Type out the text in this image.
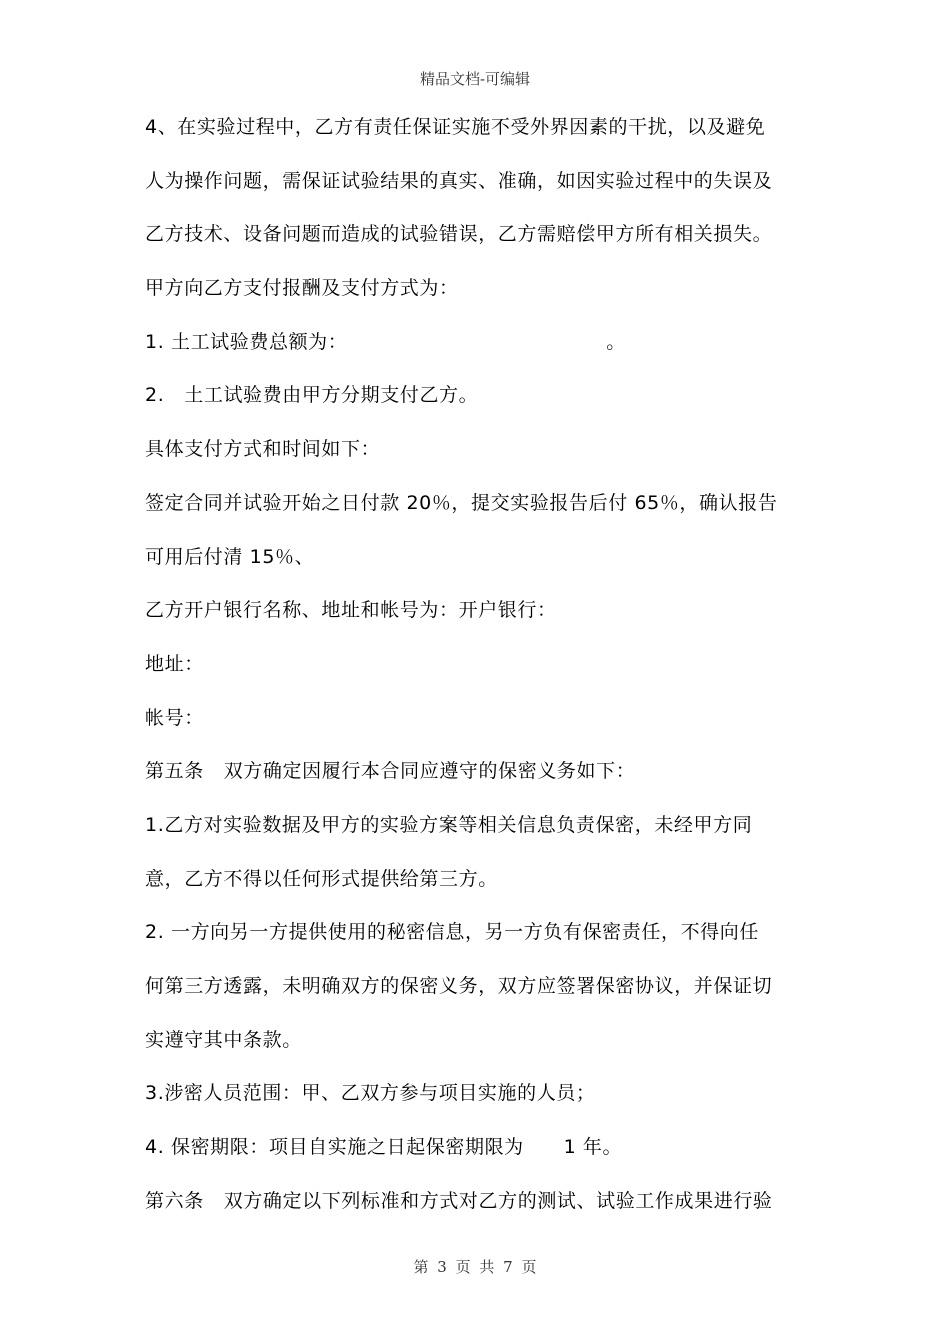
精品文档-可编辑
4、在实验过程中，乙方有责任保证实施不受外界因素的干扰，以及避免
人为操作问题，需保证试验结果的真实、准确，如因实验过程中的失误及
乙方技术、设备问题而造成的试验错误，乙方需赔偿甲方所有相关损失。
甲方向乙方支付报酬及支付方式为：
1. 土工试验费总额为：                                       。
2.   土工试验费由甲方分期支付乙方。
具体支付方式和时间如下：
签定合同并试验开始之日付款 20％，提交实验报告后付 65％，确认报告
可用后付清 15％、
乙方开户银行名称、地址和帐号为：开户银行：
地址：
帐号：
第五条   双方确定因履行本合同应遵守的保密义务如下：
1.乙方对实验数据及甲方的实验方案等相关信息负责保密，未经甲方同
意，乙方不得以任何形式提供给第三方。
2. 一方向另一方提供使用的秘密信息，另一方负有保密责任，不得向任
何第三方透露，未明确双方的保密义务，双方应签署保密协议，并保证切
实遵守其中条款。
3.涉密人员范围：甲、乙双方参与项目实施的人员；
4. 保密期限：项目自实施之日起保密期限为      1 年。
第六条   双方确定以下列标准和方式对乙方的测试、试验工作成果进行验
第 3 页 共 7 页
